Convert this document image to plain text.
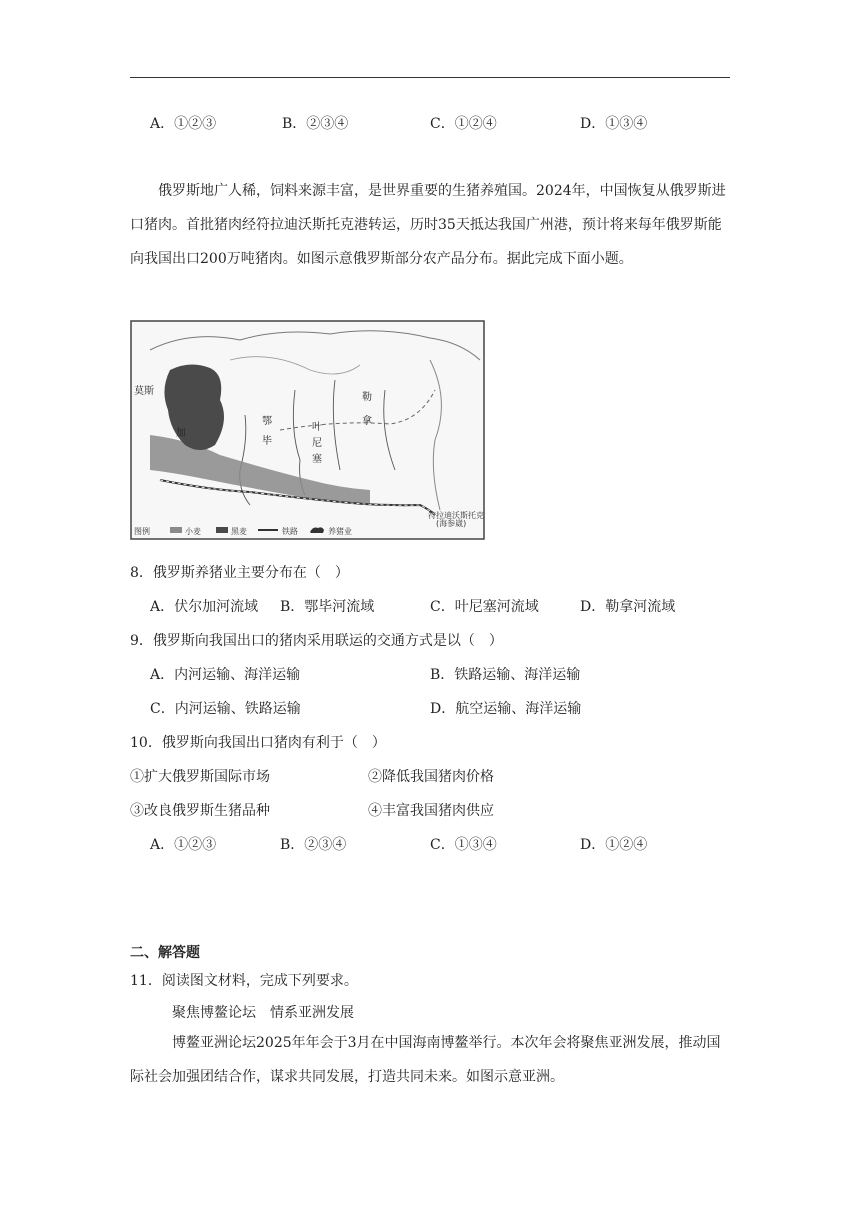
A．①②③	B．②③④	C．①②④	D．①③④
俄罗斯地广人稀，饲料来源丰富，是世界重要的生猪养殖国。2024年，中国恢复从俄罗斯进口猪肉。首批猪肉经符拉迪沃斯托克港转运，历时35天抵达我国广州港，预计将来每年俄罗斯能向我国出口200万吨猪肉。如图示意俄罗斯部分农产品分布。据此完成下面小题。
莫斯
加
鄂
毕
叶
尼
塞
勒
拿
符拉迪沃斯托克
(海参崴)
图例	小麦	黑麦	铁路	养猪业
8．俄罗斯养猪业主要分布在（　）
A．伏尔加河流域 B．鄂毕河流域	C．叶尼塞河流域	D．勒拿河流域
9．俄罗斯向我国出口的猪肉采用联运的交通方式是以（　）
A．内河运输、海洋运输	B．铁路运输、海洋运输
C．内河运输、铁路运输	D．航空运输、海洋运输
10．俄罗斯向我国出口猪肉有利于（　）
①扩大俄罗斯国际市场	②降低我国猪肉价格
③改良俄罗斯生猪品种	④丰富我国猪肉供应
A．①②③	B．②③④	C．①③④	D．①②④
二、解答题
11．阅读图文材料，完成下列要求。
聚焦博鳌论坛　情系亚洲发展
博鳌亚洲论坛2025年年会于3月在中国海南博鳌举行。本次年会将聚焦亚洲发展，推动国际社会加强团结合作，谋求共同发展，打造共同未来。如图示意亚洲。
